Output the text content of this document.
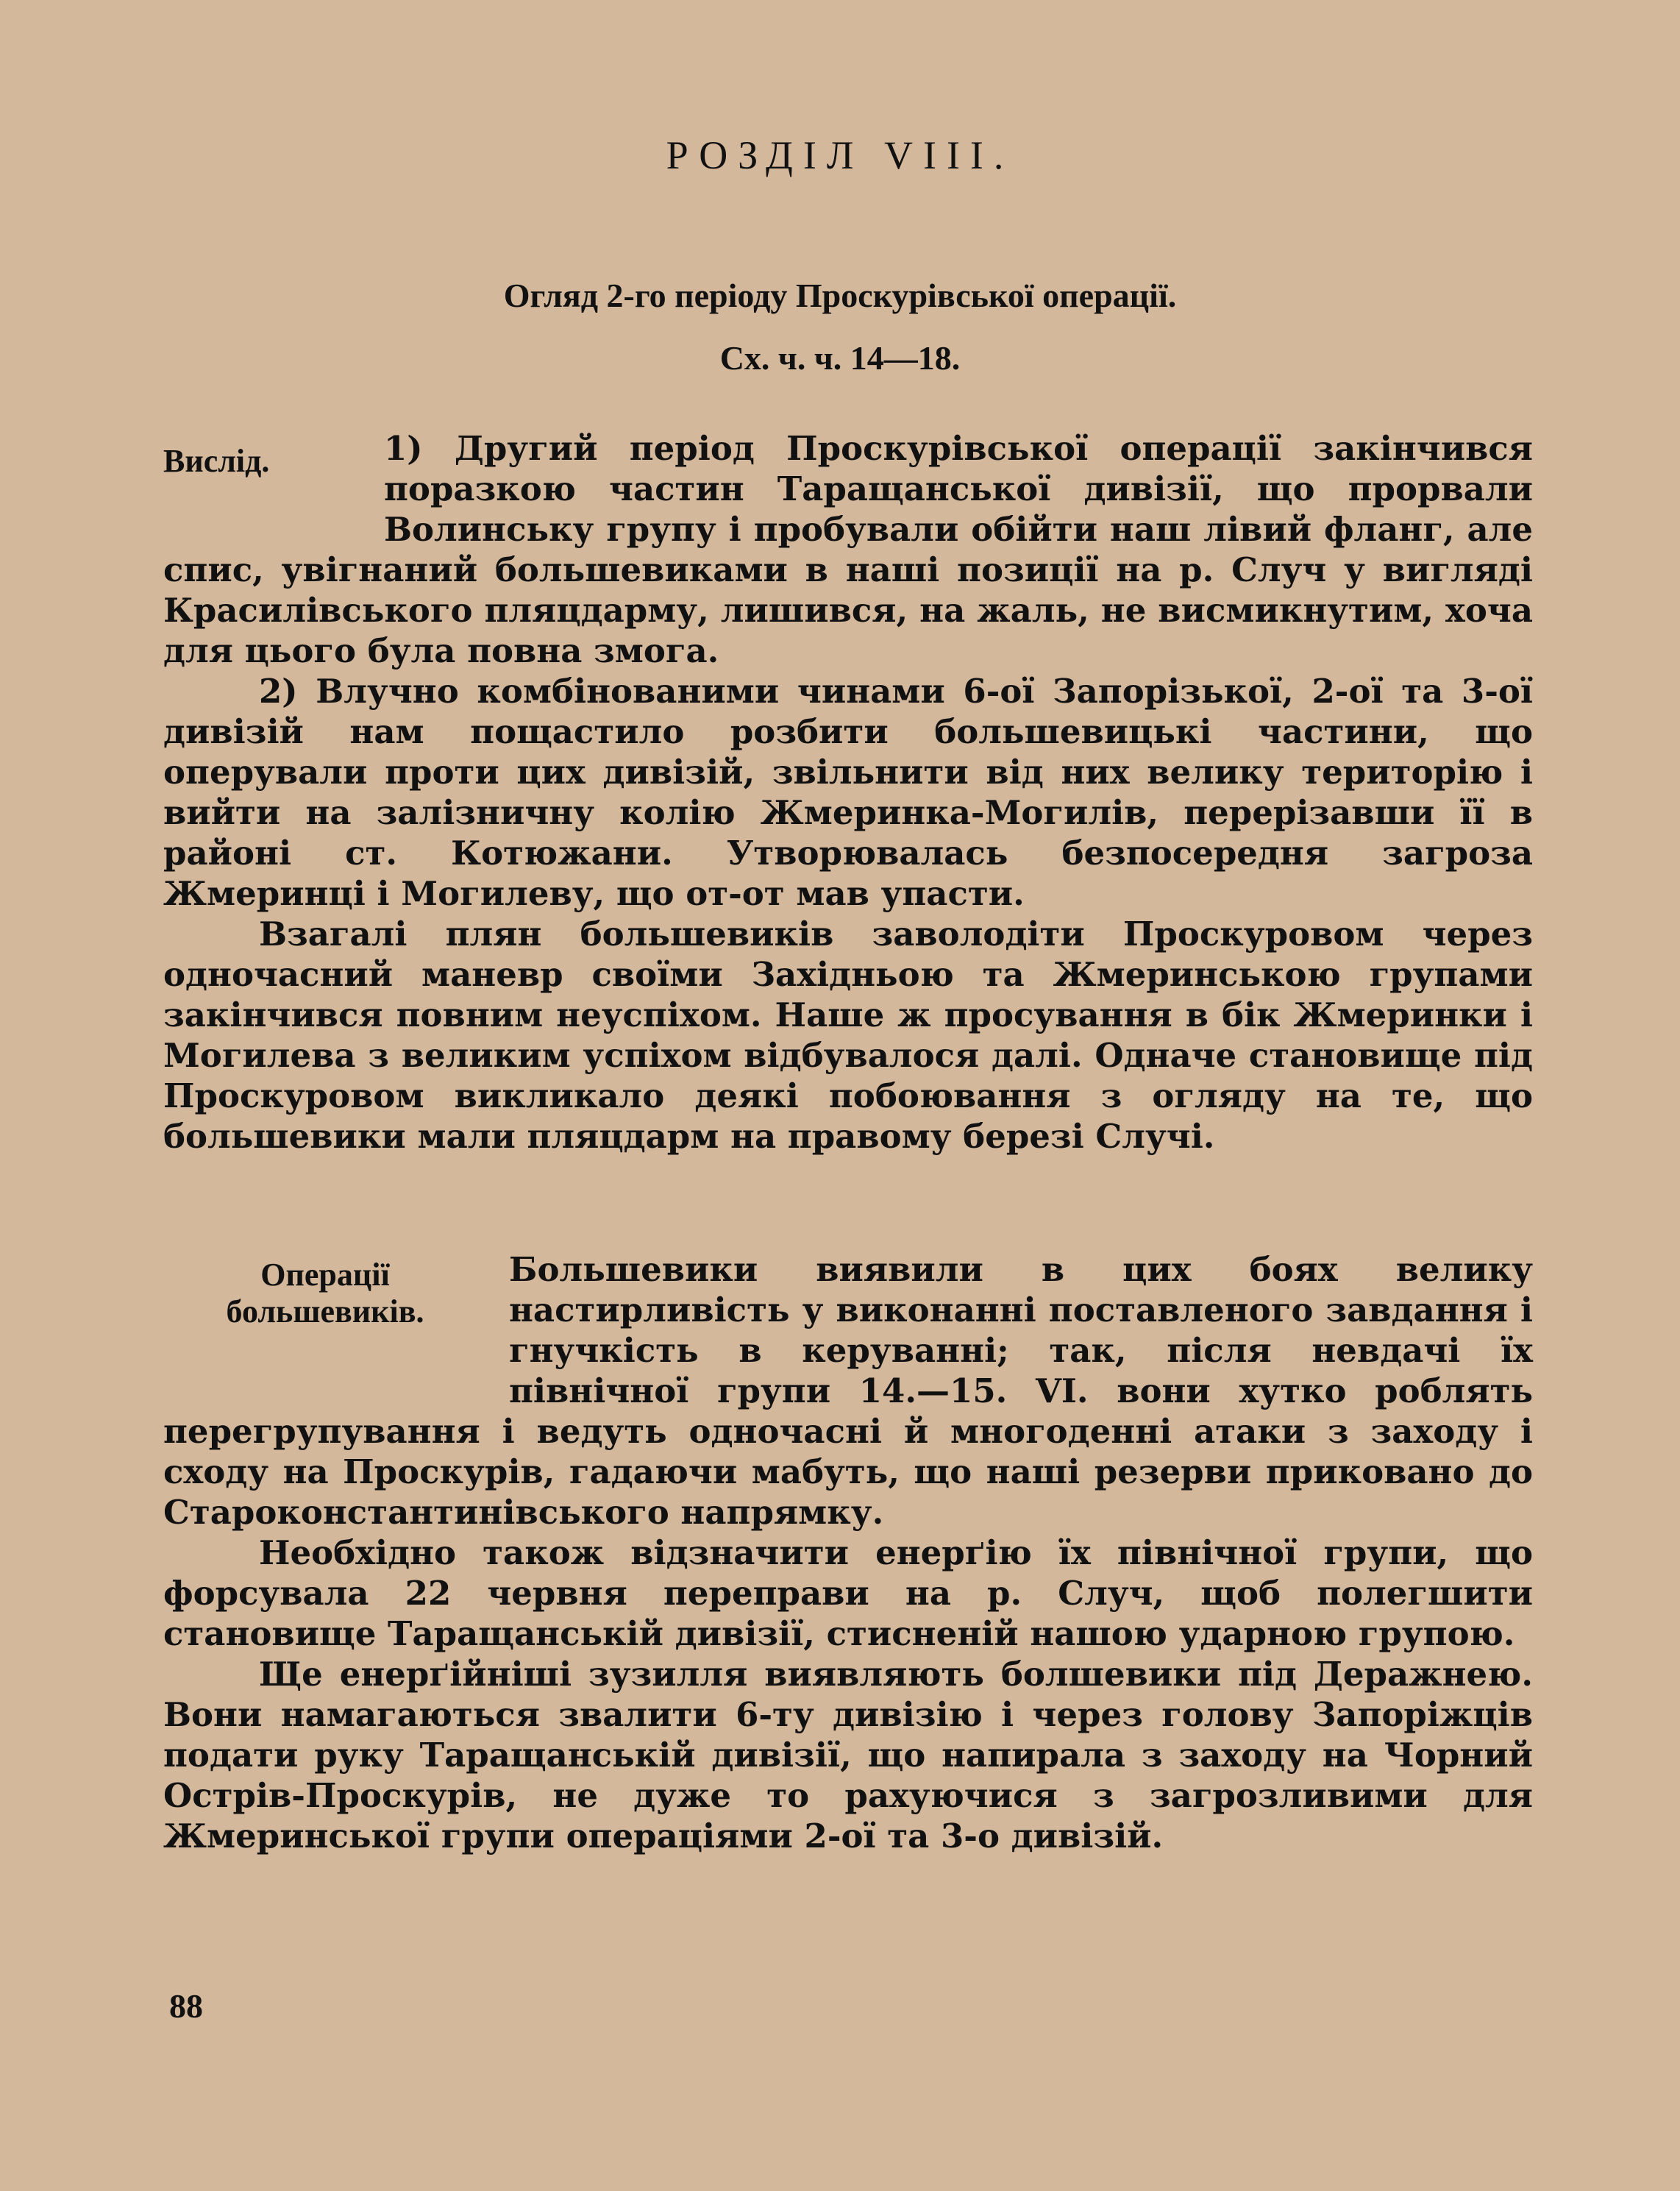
РОЗДІЛ VIII.
Огляд 2-го періоду Проскурівської операції.
Сх. ч. ч. 14—18.
Вислід.	1) Другий період Проскурівської операції закінчився поразкою частин Таращанської дивізії, що прорвали Волинську групу і пробували обійти наш лівий фланг, але спис, увігнаний большевиками в наші позиції на р. Случ у вигляді Красилівського пляцдарму, лишився, на жаль, не висмикнутим, хоча для цього була повна змога.

2) Влучно комбінованими чинами 6-ої Запорізької, 2-ої та 3-ої дивізій нам пощастило розбити большевицькі частини, що оперували проти цих дивізій, звільнити від них велику територію і вийти на залізничну колію Жмеринка-Могилів, перерізавши її в районі ст. Котюжани. Утворювалась безпосередня загроза Жмеринці і Могилеву, що от-от мав упасти.

Взагалі плян большевиків заволодіти Проскуровом через одночасний маневр своїми Західньою та Жмеринською групами закінчився повним неуспіхом. Наше ж просування в бік Жмеринки і Могилева з великим успіхом відбувалося далі. Одначе становище під Проскуровом викликало деякі побоювання з огляду на те, що большевики мали пляцдарм на правому березі Случі.

Операції большевиків.

Большевики виявили в цих боях велику настирливість у виконанні поставленого завдання і гнучкість в керуванні; так, після невдачі їх північної групи 14.—15. VI. вони хутко роблять перегрупування і ведуть одночасні й многоденні атаки з заходу і сходу на Проскурів, гадаючи мабуть, що наші резерви приковано до Староконстантинівського напрямку.

Необхідно також відзначити енерґію їх північної групи, що форсувала 22 червня переправи на р. Случ, щоб полегшити становище Таращанській дивізії, стисненій нашою ударною групою.

Ще енерґійніші зузилля виявляють болшевики під Деражнею. Вони намагаються звалити 6-ту дивізію і через голову Запоріжців подати руку Таращанській дивізії, що напирала з заходу на Чорний Острів-Проскурів, не дуже то рахуючися з загрозливими для Жмеринської групи операціями 2-ої та 3-о дивізій.

88
